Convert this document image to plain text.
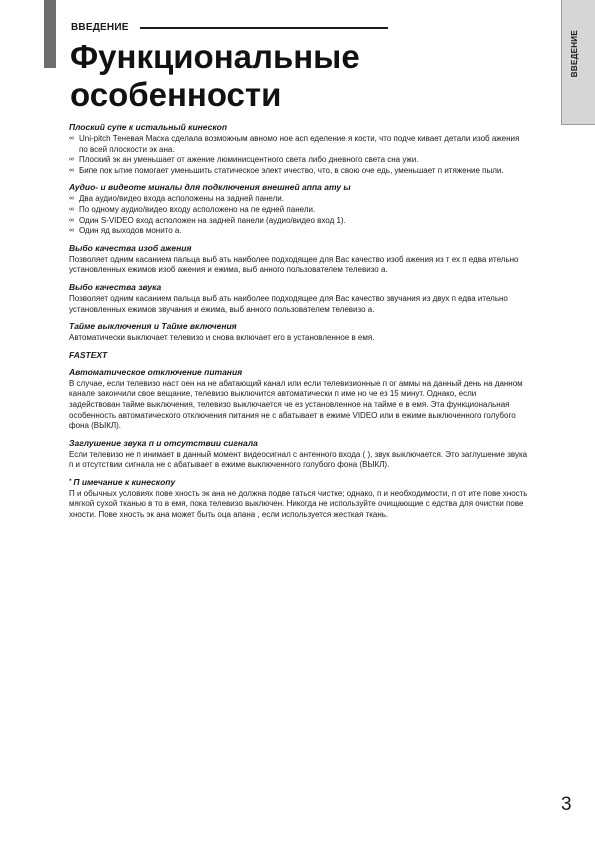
ВВЕДЕНИЕ
Функциональные
особенности
ВВЕДЕНИЕ
Плоский супе к истальный кинескоп
∞ Uni-pitch Теневая Маска сделала возможным авномо ное асп еделение я кости, что подче кивает детали изоб ажения по всей плоскости эк ана.
∞ Плоский эк ан уменьшает от ажение люминисцентного света либо дневного света сна ужи.
∞ Бипе пок ытие помогает уменьшить статическое элект ичество, что, в свою оче едь, уменьшает п итяжение пыли.
Аудио- и видеоте миналы для подключения внешней аппа ату ы
∞ Два аудио/видео входа асположены на задней панели.
∞ По одному аудио/видео входу асположено на пе едней панели.
∞ Один S-VIDEO вход асположен на задней панели (аудио/видео вход 1).
∞ Один яд выходов монито а.
Выбо качества изоб ажения

Позволяет одним касанием пальца выб ать наиболее подходящее для Вас качество изоб ажения из т ех п едва ительно установленных ежимов изоб ажения и ежима, выб анного пользователем телевизо а.

Выбо качества звука

Позволяет одним касанием пальца выб ать наиболее подходящее для Вас качество звучания из двух п едва ительно установленных ежимов звучания и ежима, выб анного пользователем телевизо а.

Тайме выключения и Тайме включения

Автоматически выключает телевизо и снова включает его в установленное в емя.

FASTEXT
Автоматическое отключение питания

В случае, если телевизо наст оен на не абатающий канал или если телевизионные п ог аммы на данный день на данном канале закончили свое вещание, телевизо выключится автоматически п име но че ез 15 минут. Однако, если задействован тайме выключения, телевизо выключается че ез установленное на тайме е в емя. Эта функциональная особенность автоматического отключения питания не с абатывает в ежиме VIDEO или в ежиме выключенного голубого фона (ВЫКЛ).

Заглушение звука п и отсутствии сигнала

Если телевизо не п инимает в данный момент видеосигнал с антенного входа ( ), звук выключается. Это заглушение звука п и отсутствии сигнала не с абатывает в ежиме выключенного голубого фона (ВЫКЛ).

* П имечание к кинескопу

П и обычных условиях пове хность эк ана не должна подве гаться чистке; однако, п и необходимости, п от ите пове хность мягкой сухой тканью в то в емя, пока телевизо выключен. Никогда не используйте очищающие с едства для очистки пове хности. Пове хность эк ана может быть оца апана , если используется жесткая ткань.

3
